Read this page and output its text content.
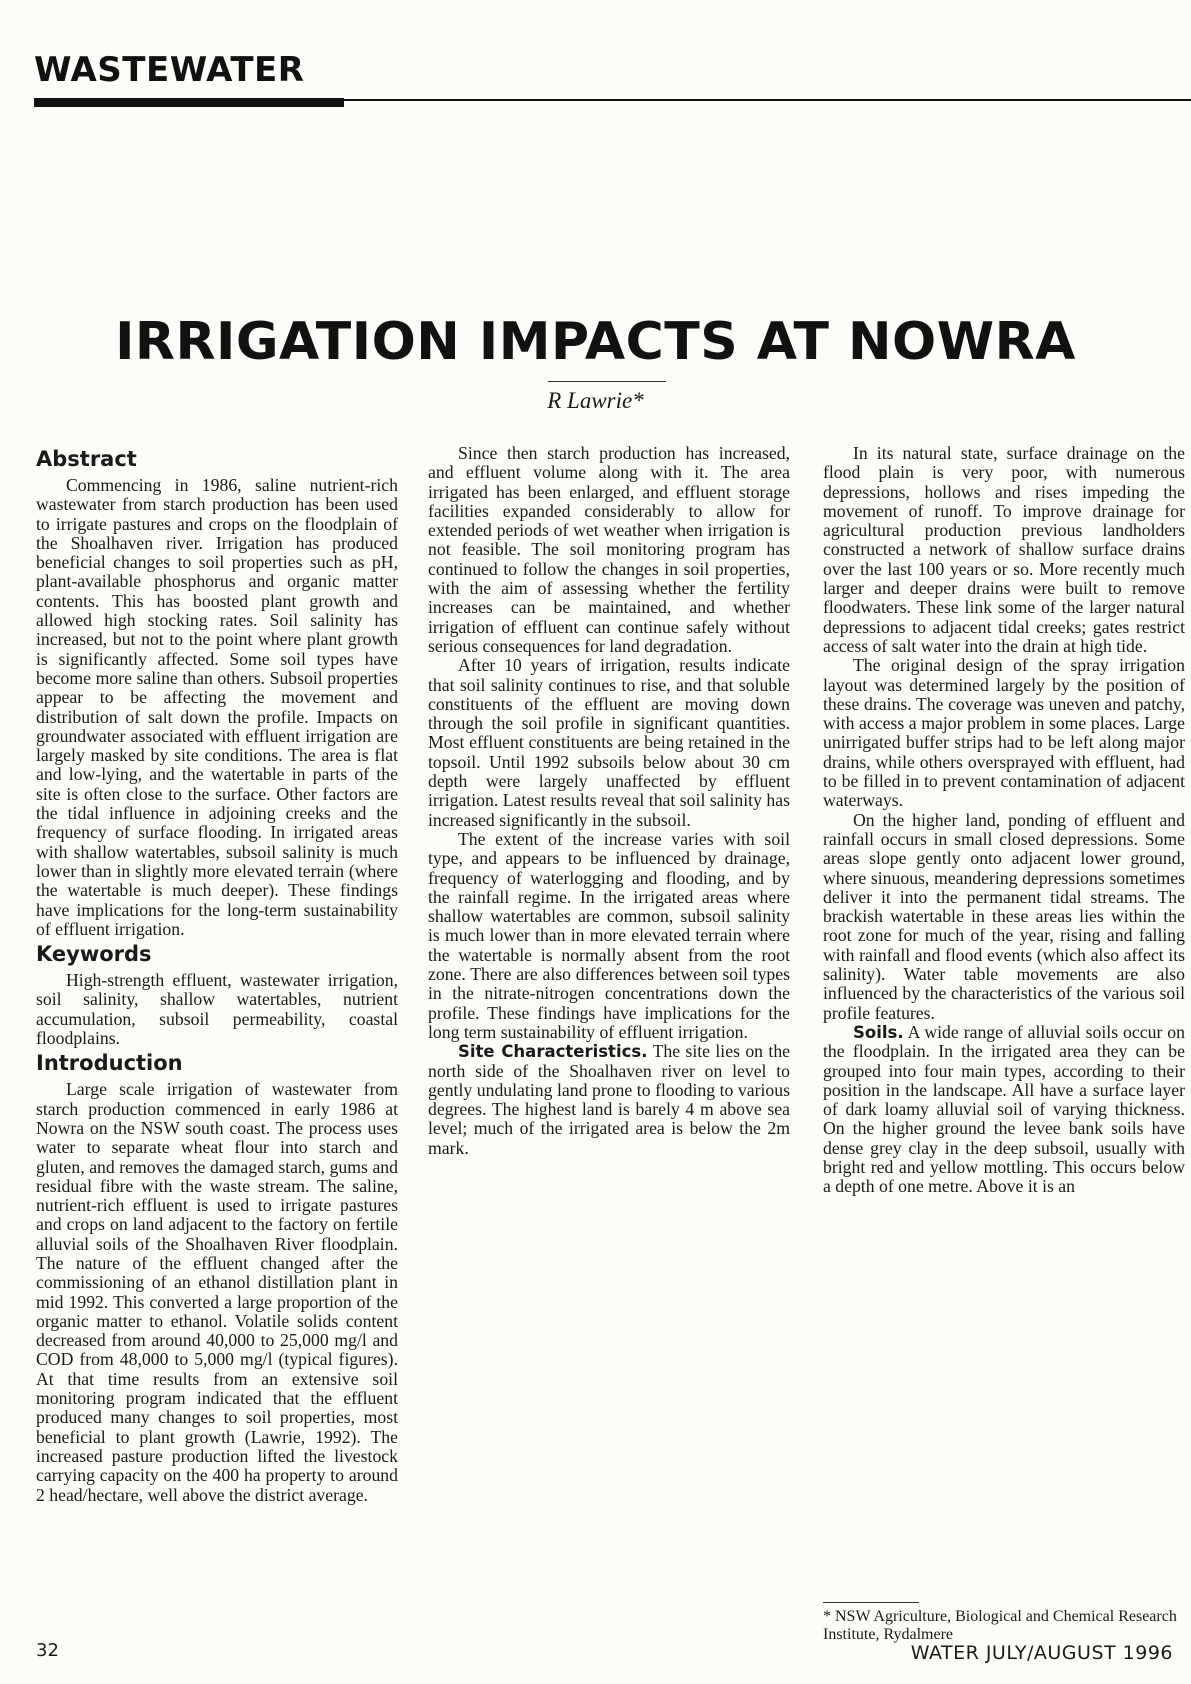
WASTEWATER
IRRIGATION IMPACTS AT NOWRA
R Lawrie*
Abstract

Commencing in 1986, saline nutrient-rich wastewater from starch production has been used to irrigate pastures and crops on the floodplain of the Shoalhaven river. Irrigation has produced beneficial changes to soil properties such as pH, plant-available phosphorus and organic matter contents. This has boosted plant growth and allowed high stocking rates. Soil salinity has increased, but not to the point where plant growth is significantly affected. Some soil types have become more saline than others. Subsoil properties appear to be affecting the movement and distribution of salt down the profile. Impacts on groundwater associated with effluent irrigation are largely masked by site conditions. The area is flat and low-lying, and the watertable in parts of the site is often close to the surface. Other factors are the tidal influence in adjoining creeks and the frequency of surface flooding. In irrigated areas with shallow watertables, subsoil salinity is much lower than in slightly more elevated terrain (where the watertable is much deeper). These findings have implications for the long-term sustainability of effluent irrigation.

Keywords

High-strength effluent, wastewater irrigation, soil salinity, shallow watertables, nutrient accumulation, subsoil permeability, coastal floodplains.

Introduction

Large scale irrigation of wastewater from starch production commenced in early 1986 at Nowra on the NSW south coast. The process uses water to separate wheat flour into starch and gluten, and removes the damaged starch, gums and residual fibre with the waste stream. The saline, nutrient-rich effluent is used to irrigate pastures and crops on land adjacent to the factory on fertile alluvial soils of the Shoalhaven River floodplain. The nature of the effluent changed after the commissioning of an ethanol distillation plant in mid 1992. This converted a large proportion of the organic matter to ethanol. Volatile solids content decreased from around 40,000 to 25,000 mg/l and COD from 48,000 to 5,000 mg/l (typical figures). At that time results from an extensive soil monitoring program indicated that the effluent produced many changes to soil properties, most beneficial to plant growth (Lawrie, 1992). The increased pasture production lifted the livestock carrying capacity on the 400 ha property to around 2 head/hectare, well above the district average.

Since then starch production has increased, and effluent volume along with it. The area irrigated has been enlarged, and effluent storage facilities expanded considerably to allow for extended periods of wet weather when irrigation is not feasible. The soil monitoring program has continued to follow the changes in soil properties, with the aim of assessing whether the fertility increases can be maintained, and whether irrigation of effluent can continue safely without serious consequences for land degradation.

After 10 years of irrigation, results indicate that soil salinity continues to rise, and that soluble constituents of the effluent are moving down through the soil profile in significant quantities. Most effluent constituents are being retained in the topsoil. Until 1992 subsoils below about 30 cm depth were largely unaffected by effluent irrigation. Latest results reveal that soil salinity has increased significantly in the subsoil.

The extent of the increase varies with soil type, and appears to be influenced by drainage, frequency of waterlogging and flooding, and by the rainfall regime. In the irrigated areas where shallow watertables are common, subsoil salinity is much lower than in more elevated terrain where the watertable is normally absent from the root zone. There are also differences between soil types in the nitrate-nitrogen concentrations down the profile. These findings have implications for the long term sustainability of effluent irrigation.

Site Characteristics. The site lies on the north side of the Shoalhaven river on level to gently undulating land prone to flooding to various degrees. The highest land is barely 4 m above sea level; much of the irrigated area is below the 2m mark.

In its natural state, surface drainage on the flood plain is very poor, with numerous depressions, hollows and rises impeding the movement of runoff. To improve drainage for agricultural production previous landholders constructed a network of shallow surface drains over the last 100 years or so. More recently much larger and deeper drains were built to remove floodwaters. These link some of the larger natural depressions to adjacent tidal creeks; gates restrict access of salt water into the drain at high tide.

The original design of the spray irrigation layout was determined largely by the position of these drains. The coverage was uneven and patchy, with access a major problem in some places. Large unirrigated buffer strips had to be left along major drains, while others oversprayed with effluent, had to be filled in to prevent contamination of adjacent waterways.

On the higher land, ponding of effluent and rainfall occurs in small closed depressions. Some areas slope gently onto adjacent lower ground, where sinuous, meandering depressions sometimes deliver it into the permanent tidal streams. The brackish watertable in these areas lies within the root zone for much of the year, rising and falling with rainfall and flood events (which also affect its salinity). Water table movements are also influenced by the characteristics of the various soil profile features.

Soils. A wide range of alluvial soils occur on the floodplain. In the irrigated area they can be grouped into four main types, according to their position in the landscape. All have a surface layer of dark loamy alluvial soil of varying thickness. On the higher ground the levee bank soils have dense grey clay in the deep subsoil, usually with bright red and yellow mottling. This occurs below a depth of one metre. Above it is an

* NSW Agriculture, Biological and Chemical Research Institute, Rydalmere
32	WATER JULY/AUGUST 1996
